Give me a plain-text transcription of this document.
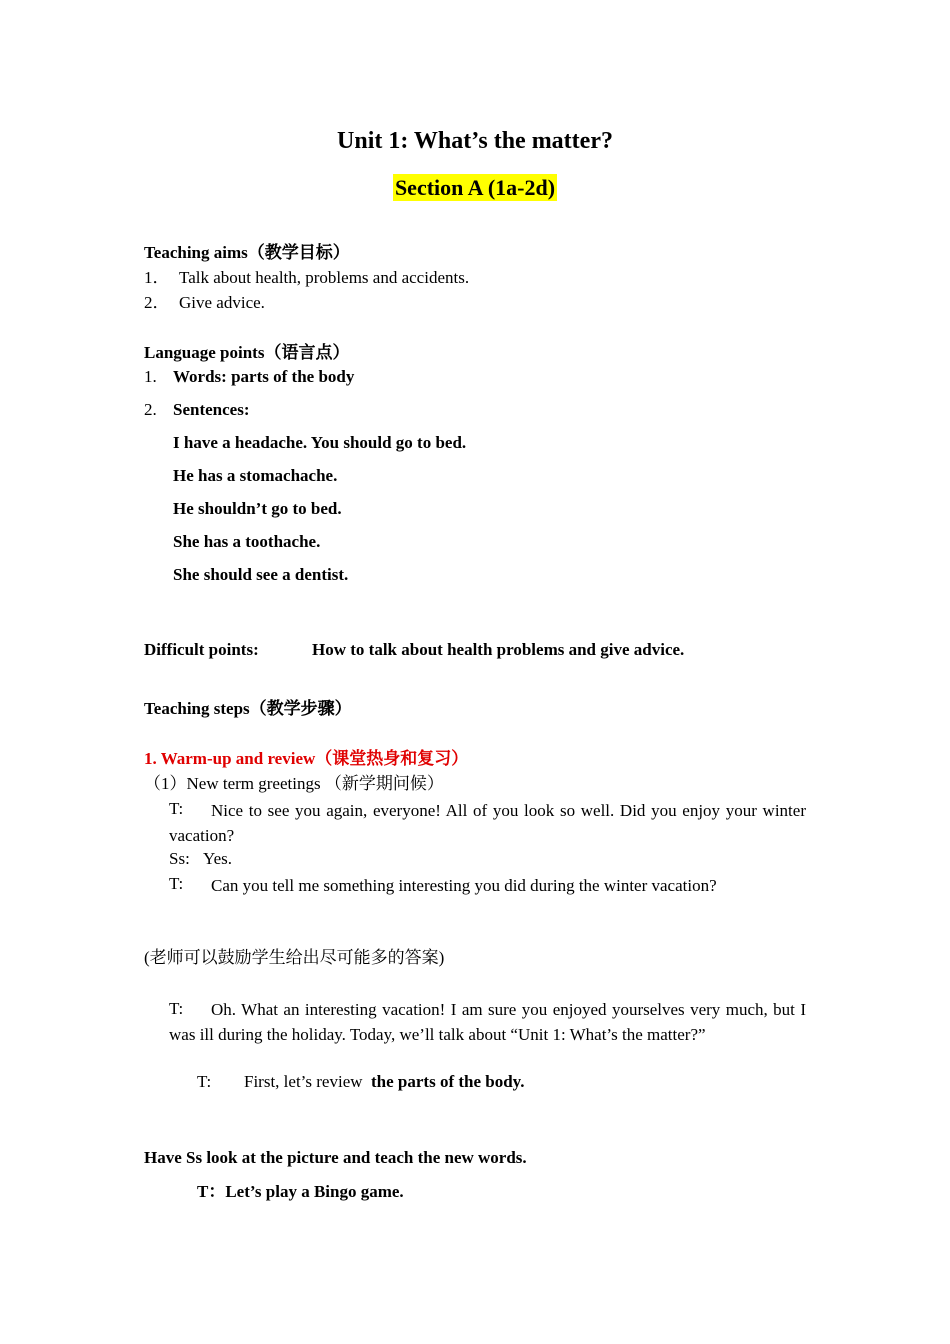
Unit 1: What’s the matter?
Section A (1a-2d)
Teaching aims（教学目标）
1． Talk about health, problems and accidents.
2． Give advice.
Language points（语言点）
1. Words: parts of the body
2. Sentences:
I have a headache. You should go to bed.
He has a stomachache.
He shouldn’t go to bed.
She has a toothache.
She should see a dentist.
Difficult points:	How to talk about health problems and give advice.
Teaching steps（教学步骤）
1. Warm-up and review（课堂热身和复习）
（1）New term greetings （新学期问候）
T:	Nice to see you again, everyone! All of you look so well. Did you enjoy your winter vacation?
Ss: Yes.
T:	Can you tell me something interesting you did during the winter vacation?
(老师可以鼓励学生给出尽可能多的答案)
T:	Oh. What an interesting vacation! I am sure you enjoyed yourselves very much, but I was ill during the holiday. Today, we’ll talk about “Unit 1: What’s the matter?”
T: First, let’s review the parts of the body.
Have Ss look at the picture and teach the new words.
T：Let’s play a Bingo game.
